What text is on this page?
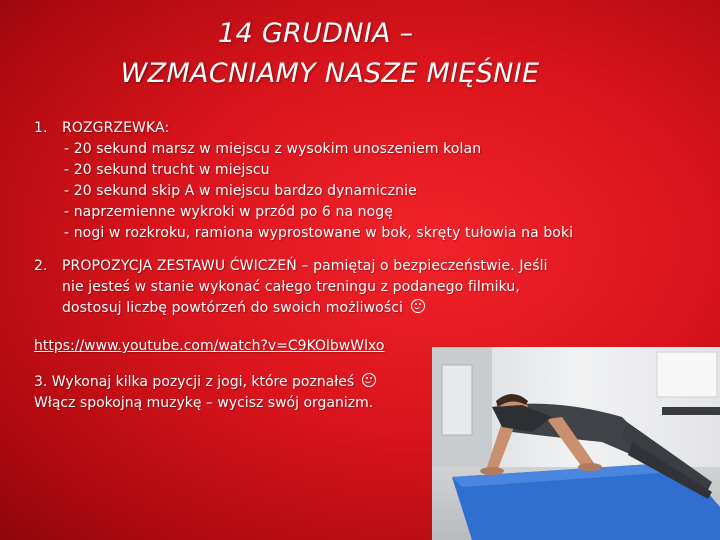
14 GRUDNIA –
WZMACNIAMY NASZE MIĘŚNIE
1. ROZGRZEWKA:
- 20 sekund marsz w miejscu z wysokim unoszeniem kolan
- 20 sekund trucht w miejscu
- 20 sekund skip A w miejscu bardzo dynamicznie
- naprzemienne wykroki w przód po 6 na nogę
- nogi w rozkroku, ramiona wyprostowane w bok, skręty tułowia na boki
2. PROPOZYCJA ZESTAWU ĆWICZEŃ – pamiętaj o bezpieczeństwie. Jeśli
nie jesteś w stanie wykonać całego treningu z podanego filmiku,
dostosuj liczbę powtórzeń do swoich możliwości
https://www.youtube.com/watch?v=C9KOlbwWlxo
3. Wykonaj kilka pozycji z jogi, które poznałeś
Włącz spokojną muzykę – wycisz swój organizm.
